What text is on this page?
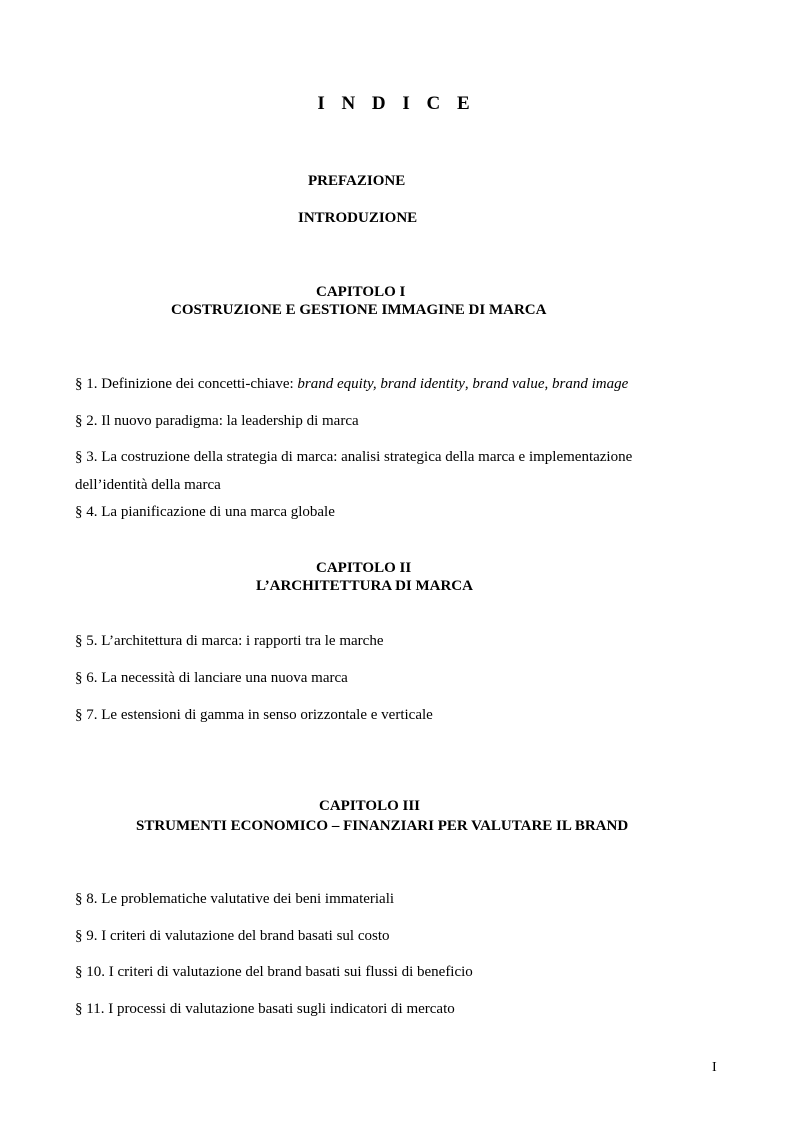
I N D I C E
PREFAZIONE
INTRODUZIONE
CAPITOLO I
COSTRUZIONE E GESTIONE IMMAGINE DI MARCA
§ 1. Definizione dei concetti-chiave: brand equity, brand identity, brand value, brand image
§ 2. Il nuovo paradigma: la leadership di marca
§ 3. La costruzione della strategia di marca: analisi strategica della marca e implementazione
dell’identità della marca
§ 4. La pianificazione di una marca globale
CAPITOLO II
L’ARCHITETTURA DI MARCA
§ 5. L’architettura di marca: i rapporti tra le marche
§ 6. La necessità di lanciare una nuova marca
§ 7. Le estensioni di gamma in senso orizzontale e verticale
CAPITOLO III
STRUMENTI ECONOMICO – FINANZIARI PER VALUTARE IL BRAND
§ 8. Le problematiche valutative dei beni immateriali
§ 9. I criteri di valutazione del brand basati sul costo
§ 10. I criteri di valutazione del brand basati sui flussi di beneficio
§ 11. I processi di valutazione basati sugli indicatori di mercato
I
